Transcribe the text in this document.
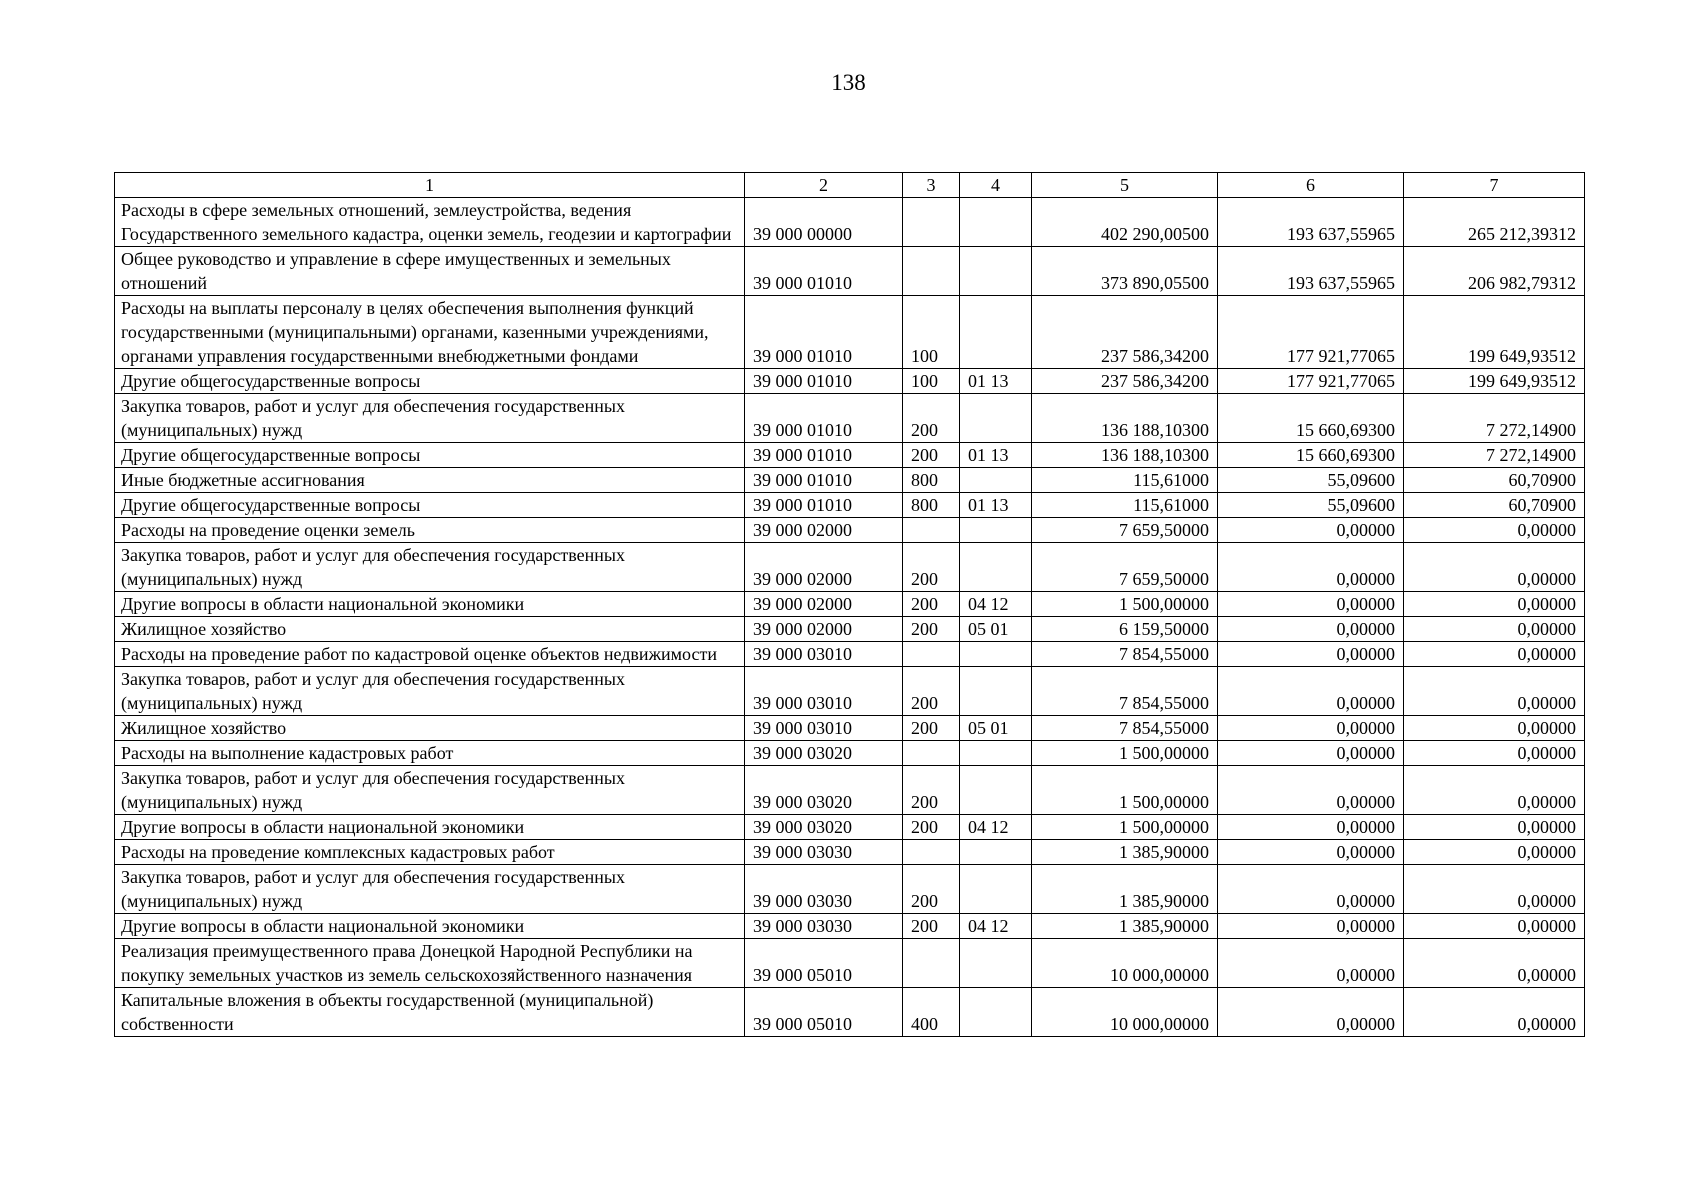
138
1	2	3	4	5	6	7
Расходы в сфере земельных отношений, землеустройства, ведения Государственного земельного кадастра, оценки земель, геодезии и картографии	39 000 00000			402 290,00500	193 637,55965	265 212,39312
Общее руководство и управление в сфере имущественных и земельных отношений	39 000 01010			373 890,05500	193 637,55965	206 982,79312
Расходы на выплаты персоналу в целях обеспечения выполнения функций государственными (муниципальными) органами, казенными учреждениями, органами управления государственными внебюджетными фондами	39 000 01010	100		237 586,34200	177 921,77065	199 649,93512
Другие общегосударственные вопросы	39 000 01010	100	01 13	237 586,34200	177 921,77065	199 649,93512
Закупка товаров, работ и услуг для обеспечения государственных (муниципальных) нужд	39 000 01010	200		136 188,10300	15 660,69300	7 272,14900
Другие общегосударственные вопросы	39 000 01010	200	01 13	136 188,10300	15 660,69300	7 272,14900
Иные бюджетные ассигнования	39 000 01010	800		115,61000	55,09600	60,70900
Другие общегосударственные вопросы	39 000 01010	800	01 13	115,61000	55,09600	60,70900
Расходы на проведение оценки земель	39 000 02000			7 659,50000	0,00000	0,00000
Закупка товаров, работ и услуг для обеспечения государственных (муниципальных) нужд	39 000 02000	200		7 659,50000	0,00000	0,00000
Другие вопросы в области национальной экономики	39 000 02000	200	04 12	1 500,00000	0,00000	0,00000
Жилищное хозяйство	39 000 02000	200	05 01	6 159,50000	0,00000	0,00000
Расходы на проведение работ по кадастровой оценке объектов недвижимости	39 000 03010			7 854,55000	0,00000	0,00000
Закупка товаров, работ и услуг для обеспечения государственных (муниципальных) нужд	39 000 03010	200		7 854,55000	0,00000	0,00000
Жилищное хозяйство	39 000 03010	200	05 01	7 854,55000	0,00000	0,00000
Расходы на выполнение кадастровых работ	39 000 03020			1 500,00000	0,00000	0,00000
Закупка товаров, работ и услуг для обеспечения государственных (муниципальных) нужд	39 000 03020	200		1 500,00000	0,00000	0,00000
Другие вопросы в области национальной экономики	39 000 03020	200	04 12	1 500,00000	0,00000	0,00000
Расходы на проведение комплексных кадастровых работ	39 000 03030			1 385,90000	0,00000	0,00000
Закупка товаров, работ и услуг для обеспечения государственных (муниципальных) нужд	39 000 03030	200		1 385,90000	0,00000	0,00000
Другие вопросы в области национальной экономики	39 000 03030	200	04 12	1 385,90000	0,00000	0,00000
Реализация преимущественного права Донецкой Народной Республики на покупку земельных участков из земель сельскохозяйственного назначения	39 000 05010			10 000,00000	0,00000	0,00000
Капитальные вложения в объекты государственной (муниципальной) собственности	39 000 05010	400		10 000,00000	0,00000	0,00000
